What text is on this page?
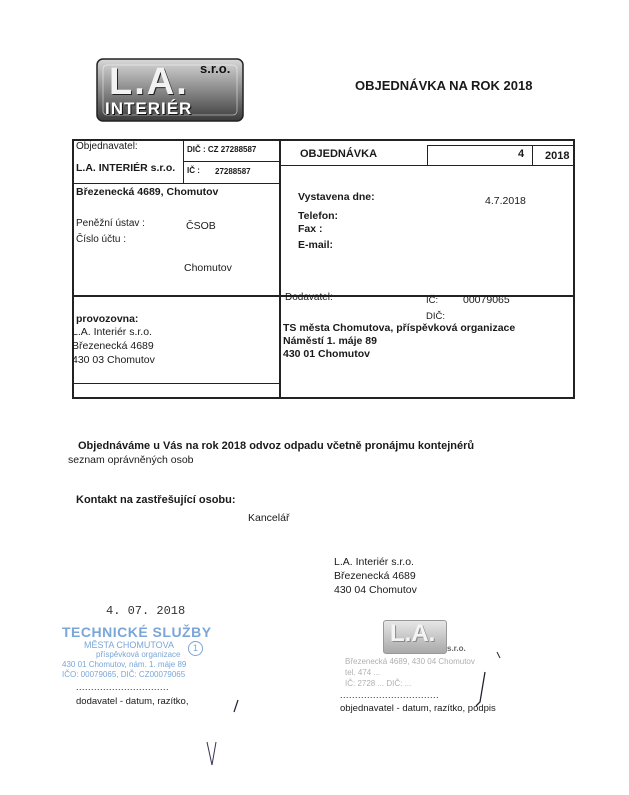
s.r.o.
L.A.
INTERIÉR
OBJEDNÁVKA NA ROK 2018
Objednavatel:	DIČ : CZ 27288587
IČ : 27288587
L.A. INTERIÉR s.r.o.
Březenecká 4689, Chomutov
Peněžní ústav :	ČSOB
Číslo účtu :
Chomutov
OBJEDNÁVKA	4 2018
Vystavena dne:	4.7.2018
Telefon:
Fax :
E-mail:
Dodavatel:	IČ: 00079065
DIČ:
TS města Chomutova, příspěvková organizace
Náměstí 1. máje 89
430 01 Chomutov
provozovna:
L.A. Interiér s.r.o.
Březenecká 4689
430 03 Chomutov
Objednáváme u Vás na rok 2018 odvoz odpadu včetně pronájmu kontejnérů
seznam oprávněných osob
Kontakt na zastřešující osobu:
Kancelář
L.A. Interiér s.r.o.
Březenecká 4689
430 04 Chomutov
4. 07. 2018
TECHNICKÉ SLUŽBY
MĚSTA CHOMUTOVA
příspěvková organizace
430 01 Chomutov, nám. 1. máje 89
IČO: 00079065, DIČ: CZ00079065
1
L.A.
s.r.o.
Březenecká 4689, 430 04 Chomutov
tel. 474 ...
IČ: 2728 ... DIČ: ...
...............................
dodavatel - datum, razítko,
.................................
objednavatel - datum, razítko, podpis
